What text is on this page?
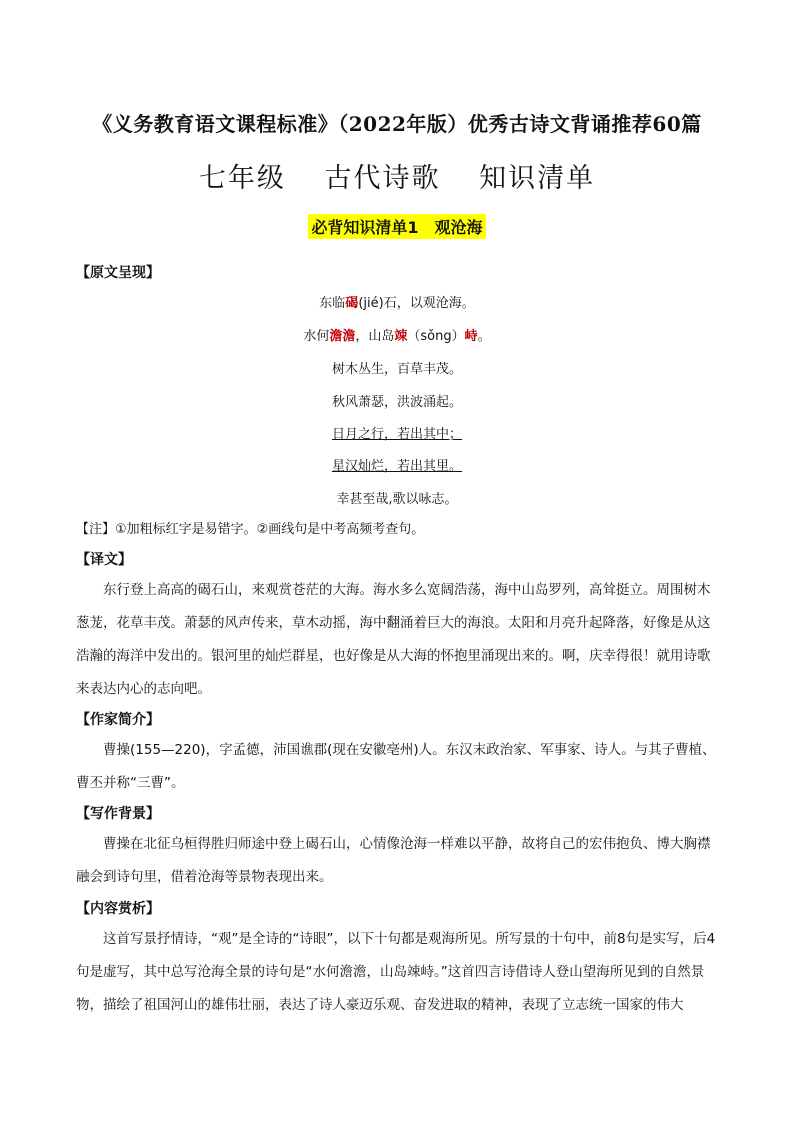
《义务教育语文课程标准》（2022年版）优秀古诗文背诵推荐60篇
七年级 古代诗歌 知识清单
必背知识清单1　观沧海
【原文呈现】
东临碣(jié)石，以观沧海。
水何澹澹，山岛竦（sǒng）峙。
树木丛生，百草丰茂。
秋风萧瑟，洪波涌起。
日月之行，若出其中；
星汉灿烂，若出其里。
幸甚至哉,歌以咏志。
【注】①加粗标红字是易错字。②画线句是中考高频考查句。
【译文】
东行登上高高的碣石山，来观赏苍茫的大海。海水多么宽阔浩荡，海中山岛罗列，高耸挺立。周围树木葱茏，花草丰茂。萧瑟的风声传来，草木动摇，海中翻涌着巨大的海浪。太阳和月亮升起降落，好像是从这浩瀚的海洋中发出的。银河里的灿烂群星，也好像是从大海的怀抱里涌现出来的。啊，庆幸得很！就用诗歌来表达内心的志向吧。
【作家简介】
曹操(155—220)，字孟德，沛国谯郡(现在安徽亳州)人。东汉末政治家、军事家、诗人。与其子曹植、曹丕并称“三曹”。
【写作背景】
曹操在北征乌桓得胜归师途中登上碣石山，心情像沧海一样难以平静，故将自己的宏伟抱负、博大胸襟融会到诗句里，借着沧海等景物表现出来。
【内容赏析】
这首写景抒情诗，“观”是全诗的“诗眼”，以下十句都是观海所见。所写景的十句中，前8句是实写，后4句是虚写，其中总写沧海全景的诗句是“水何澹澹，山岛竦峙。”这首四言诗借诗人登山望海所见到的自然景物，描绘了祖国河山的雄伟壮丽，表达了诗人豪迈乐观、奋发进取的精神，表现了立志统一国家的伟大
